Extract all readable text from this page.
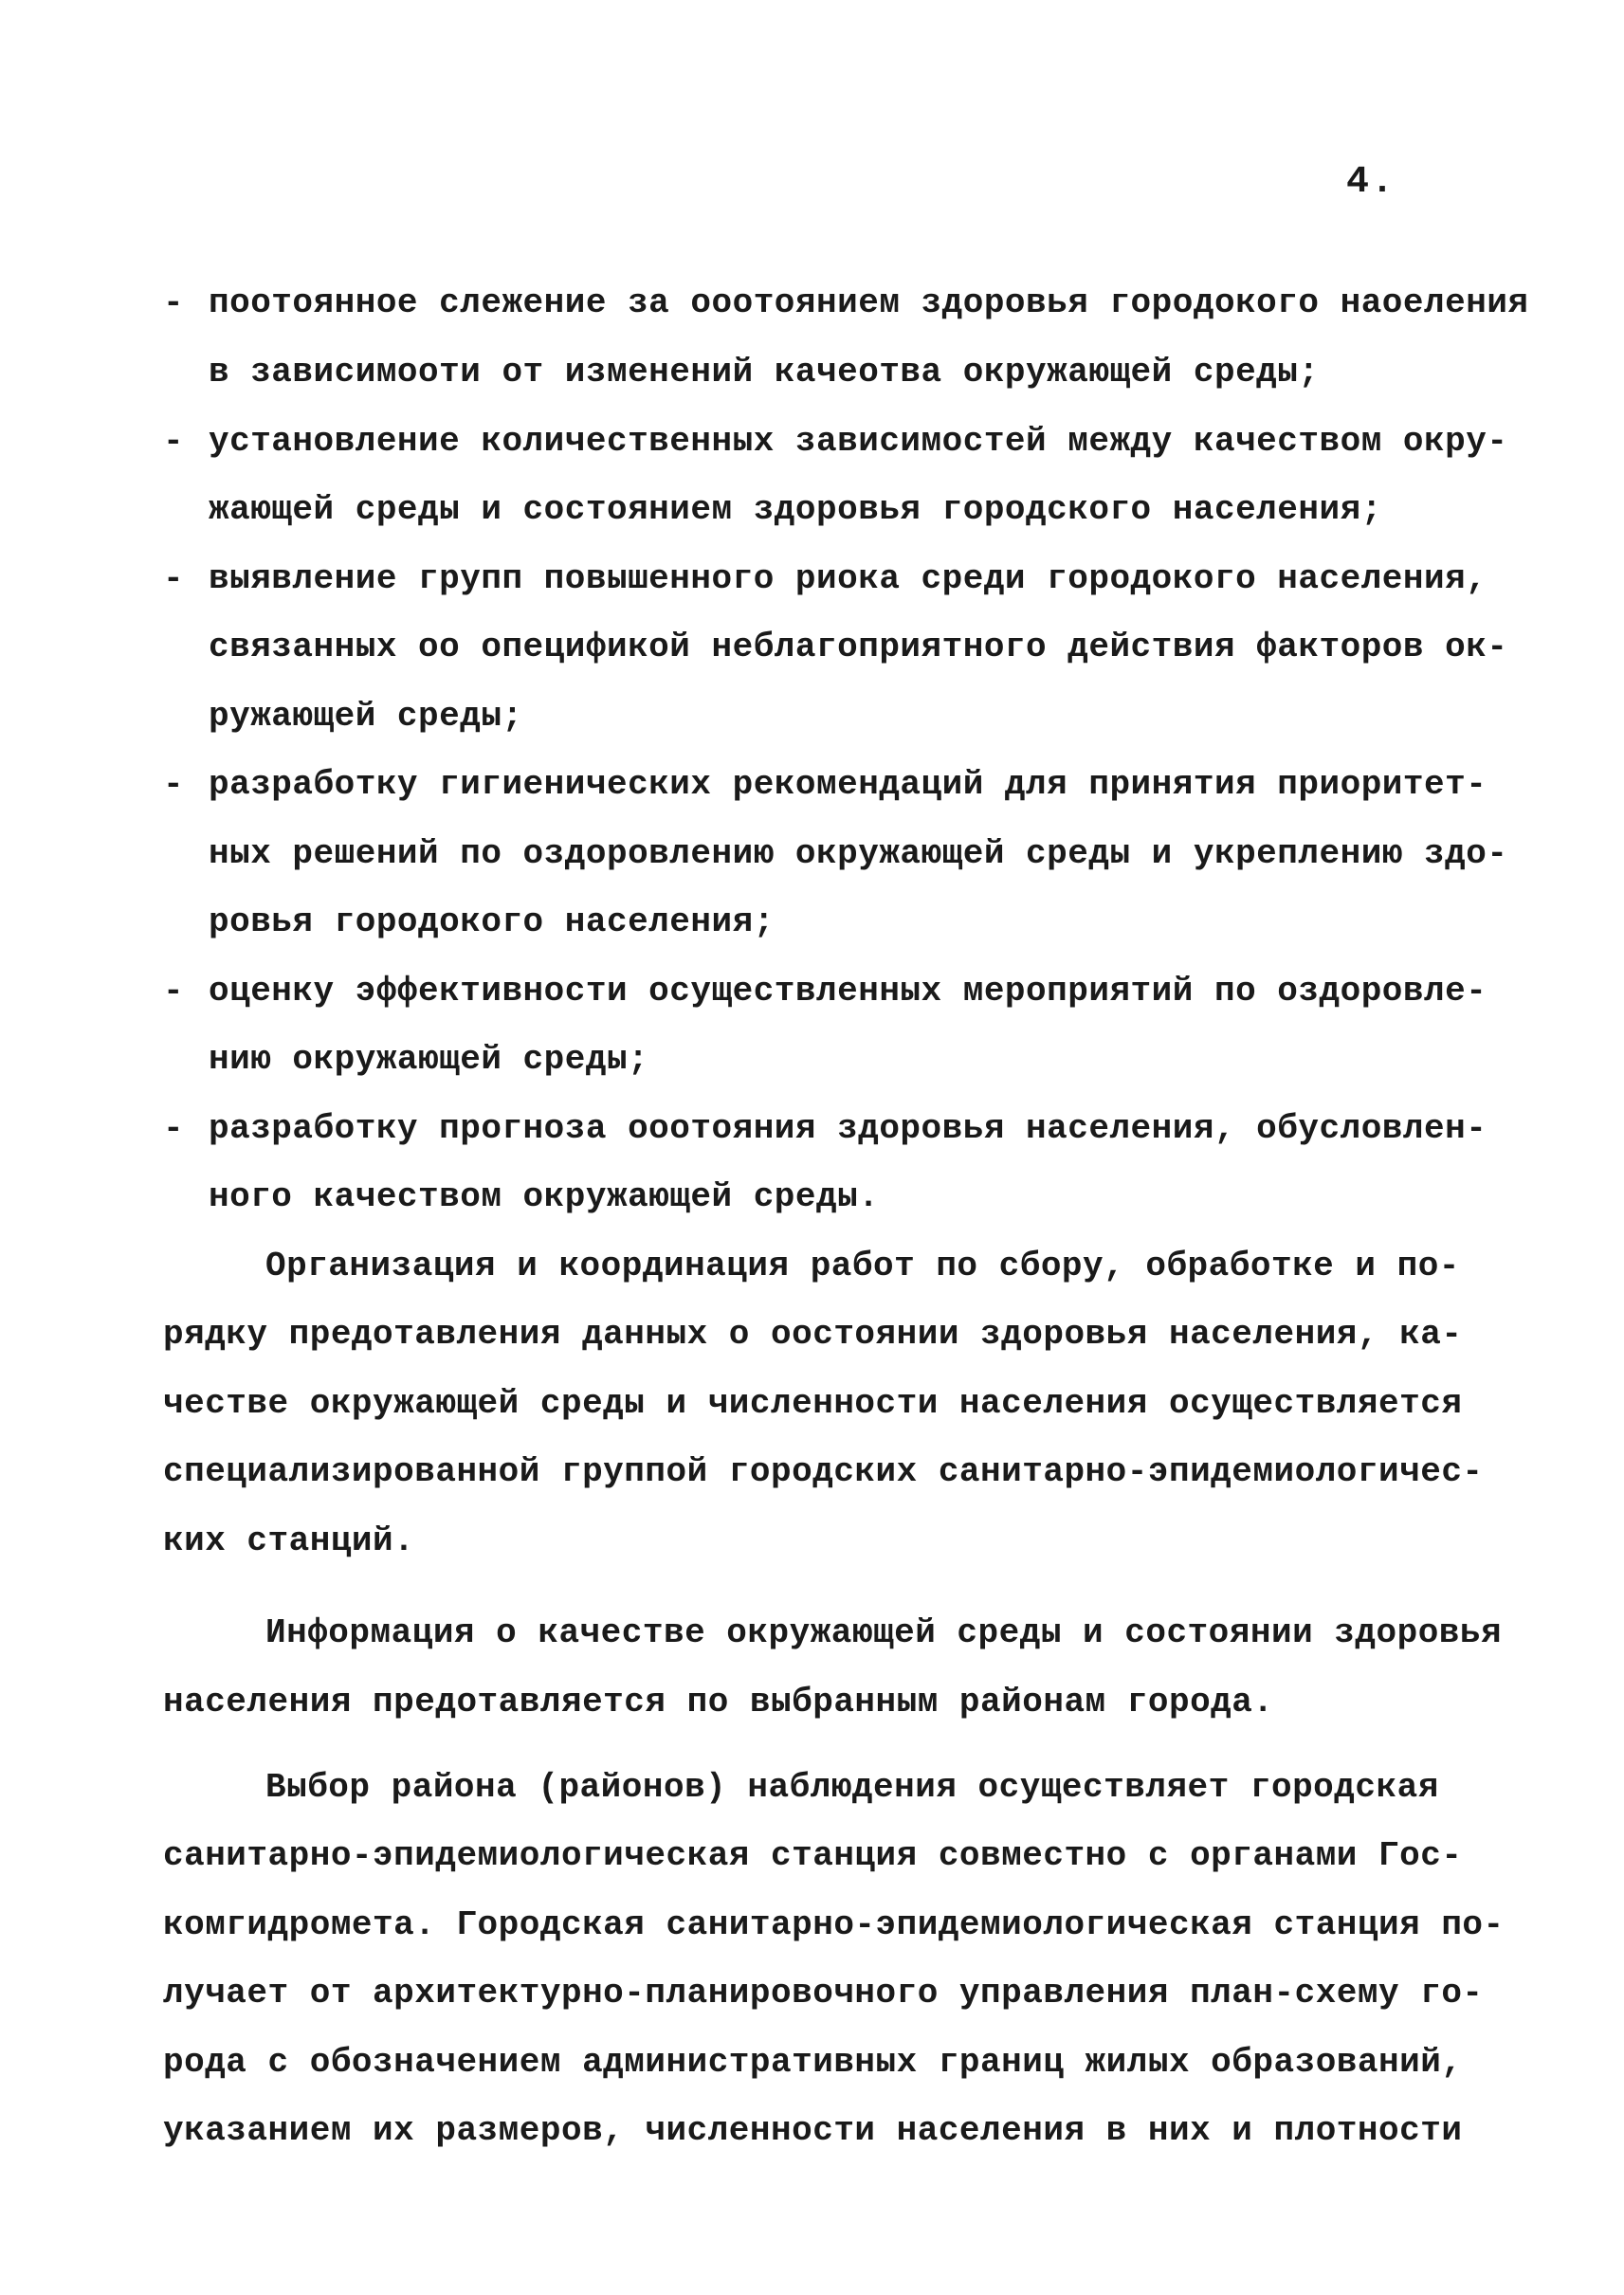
4.
- поотоянное слежение за ооотоянием здоровья городокого наоеления
в зависимооти от изменений качеотва окружающей среды;
- установление количественных зависимостей между качеством окру-
жающей среды и состоянием здоровья городского населения;
- выявление групп повышенного риока среди городокого населения,
связанных оо опецификой неблагоприятного действия факторов ок-
ружающей среды;
- разработку гигиенических рекомендаций для принятия приоритет-
ных решений по оздоровлению окружающей среды и укреплению здо-
ровья городокого населения;
- оценку эффективности осуществленных мероприятий по оздоровле-
нию окружающей среды;
- разработку прогноза ооотояния здоровья населения, обусловлен-
ного качеством окружающей среды.
Организация и координация работ по сбору, обработке и по-
рядку предотавления данных о оостоянии здоровья населения, ка-
честве окружающей среды и численности населения осуществляется
специализированной группой городских санитарно-эпидемиологичес-
ких станций.
Информация о качестве окружающей среды и состоянии здоровья
населения предотавляется по выбранным районам города.
Выбор района (районов) наблюдения осуществляет городская
санитарно-эпидемиологическая станция совместно с органами Гос-
комгидромета. Городская санитарно-эпидемиологическая станция по-
лучает от архитектурно-планировочного управления план-схему го-
рода с обозначением административных границ жилых образований,
указанием их размеров, численности населения в них и плотности
